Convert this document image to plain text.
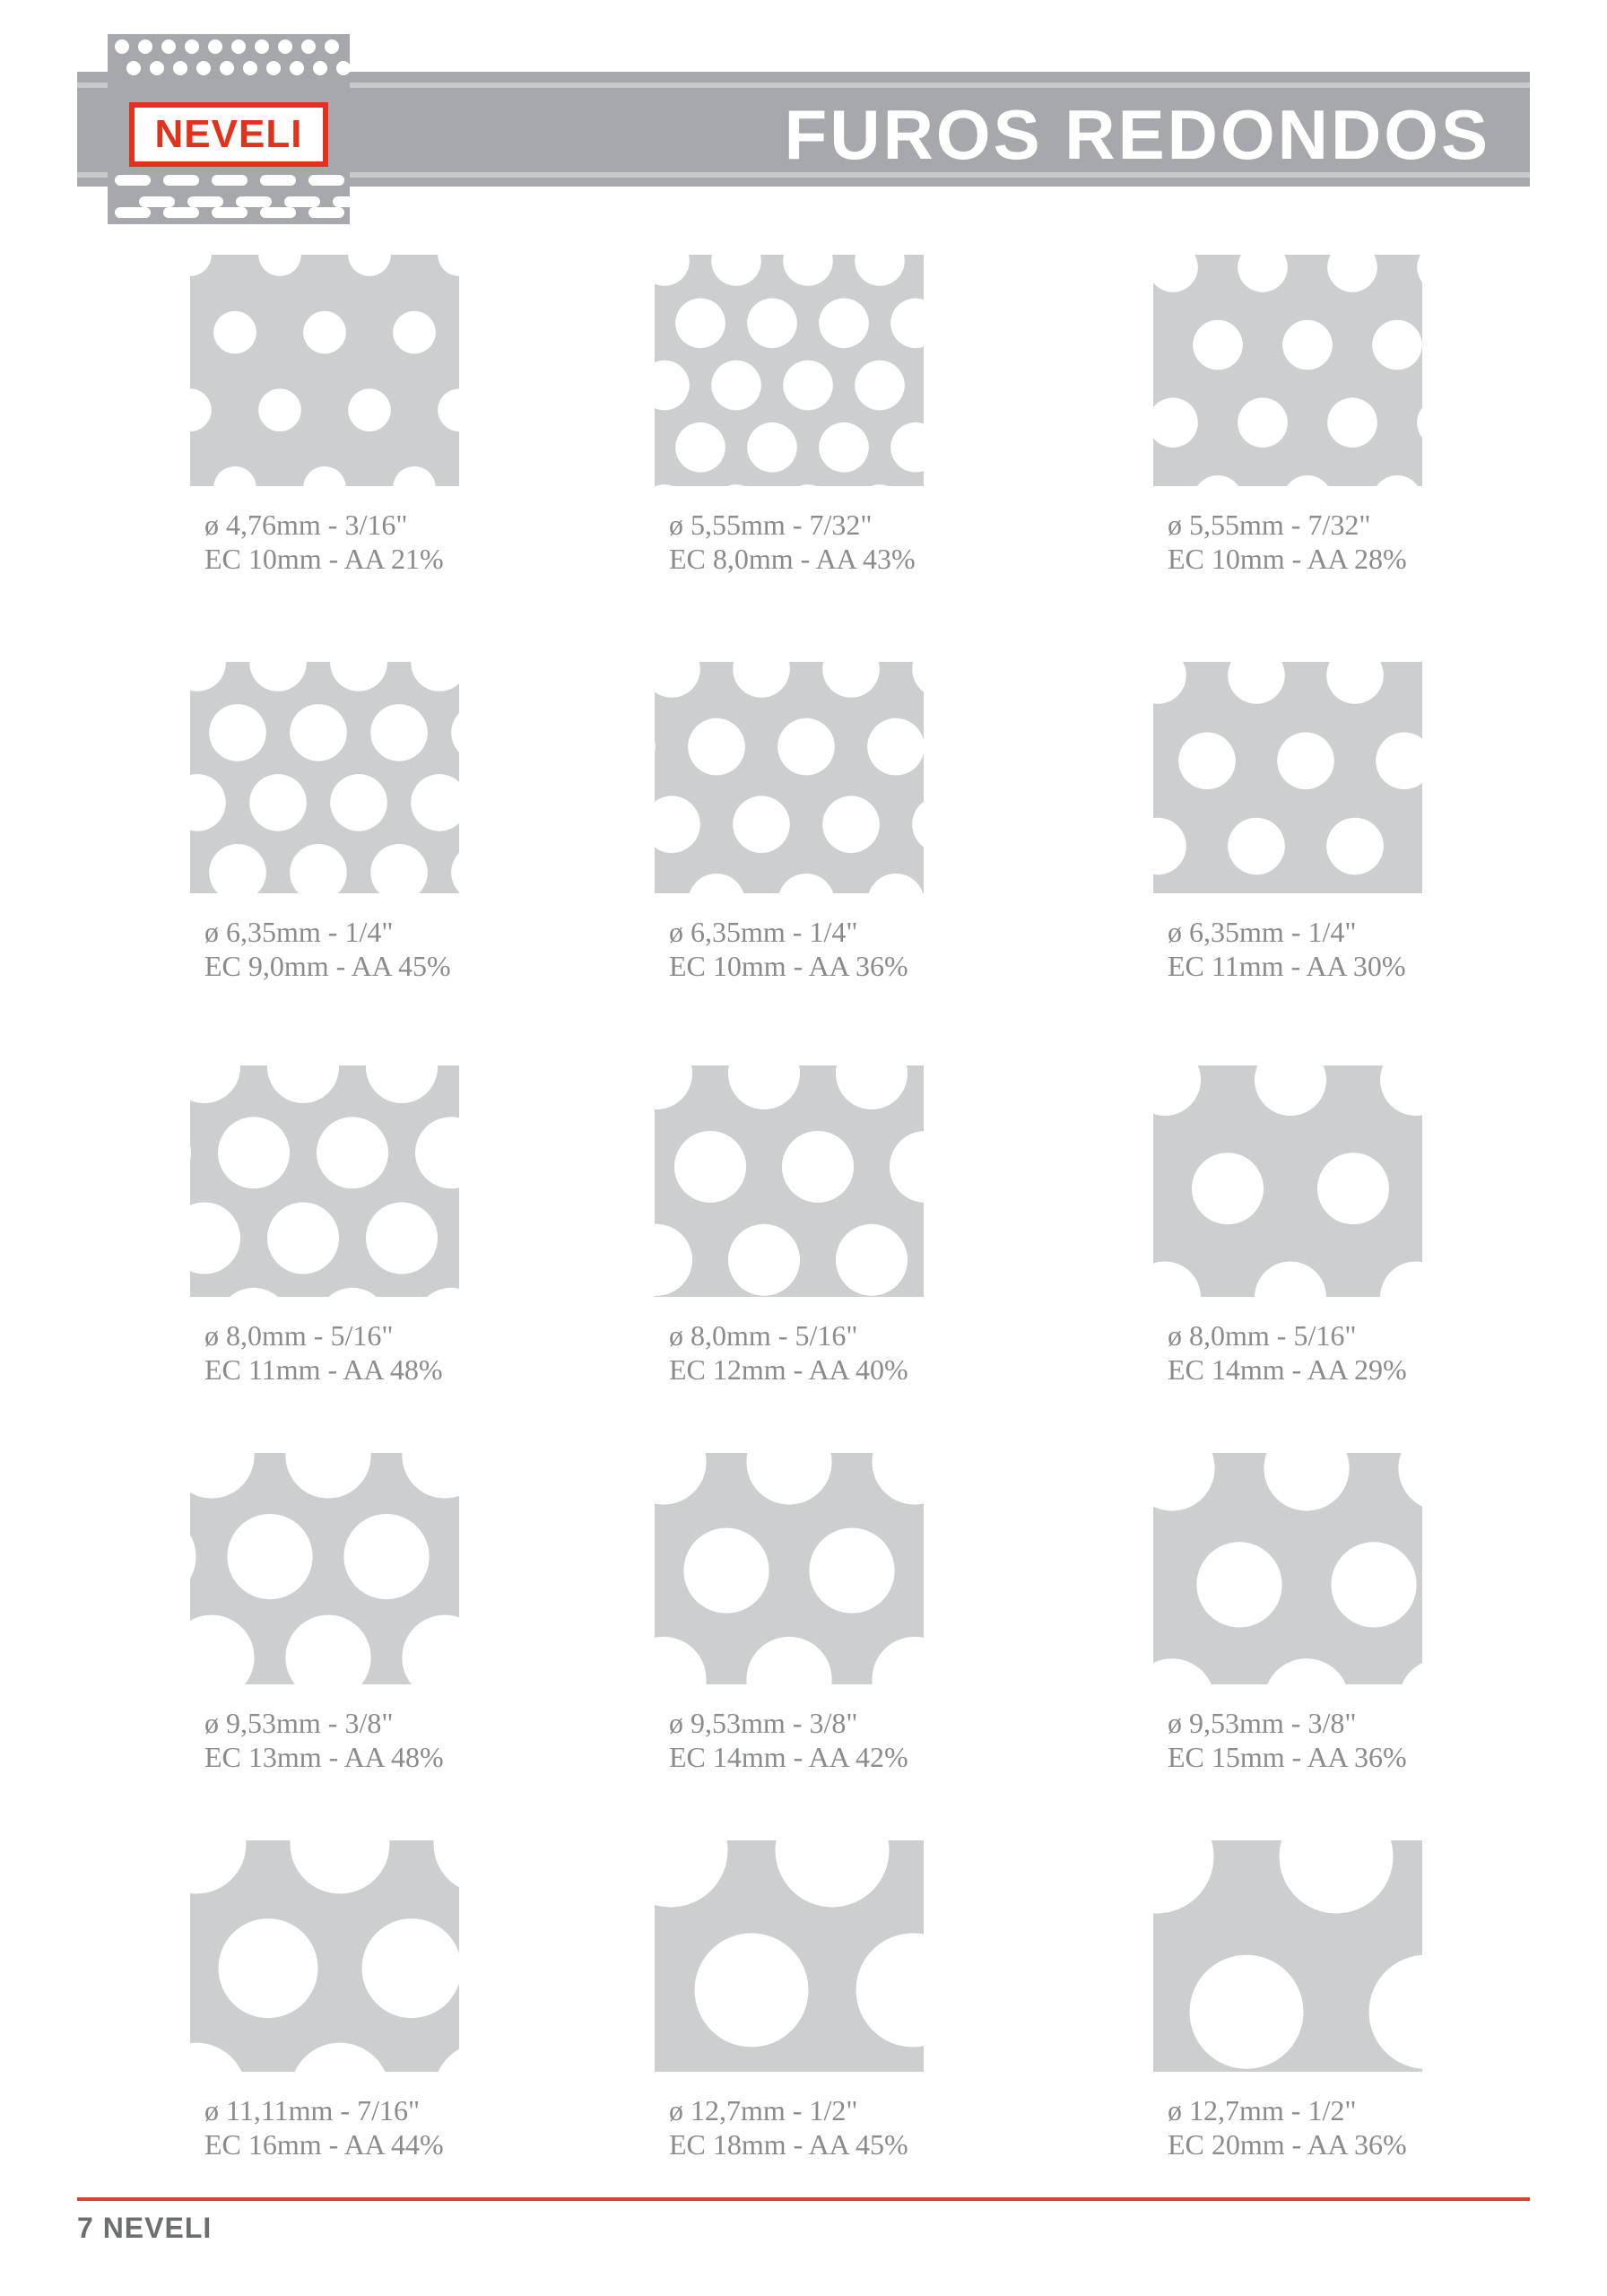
FUROS REDONDOS
NEVELI
ø 4,76mm - 3/16"
EC 10mm - AA 21%
ø 5,55mm - 7/32"
EC 8,0mm - AA 43%
ø 5,55mm - 7/32"
EC 10mm - AA 28%
ø 6,35mm - 1/4"
EC 9,0mm - AA 45%
ø 6,35mm - 1/4"
EC 10mm - AA 36%
ø 6,35mm - 1/4"
EC 11mm - AA 30%
ø 8,0mm - 5/16"
EC 11mm - AA 48%
ø 8,0mm - 5/16"
EC 12mm - AA 40%
ø 8,0mm - 5/16"
EC 14mm - AA 29%
ø 9,53mm - 3/8"
EC 13mm - AA 48%
ø 9,53mm - 3/8"
EC 14mm - AA 42%
ø 9,53mm - 3/8"
EC 15mm - AA 36%
ø 11,11mm - 7/16"
EC 16mm - AA 44%
ø 12,7mm - 1/2"
EC 18mm - AA 45%
ø 12,7mm - 1/2"
EC 20mm - AA 36%
7 NEVELI
